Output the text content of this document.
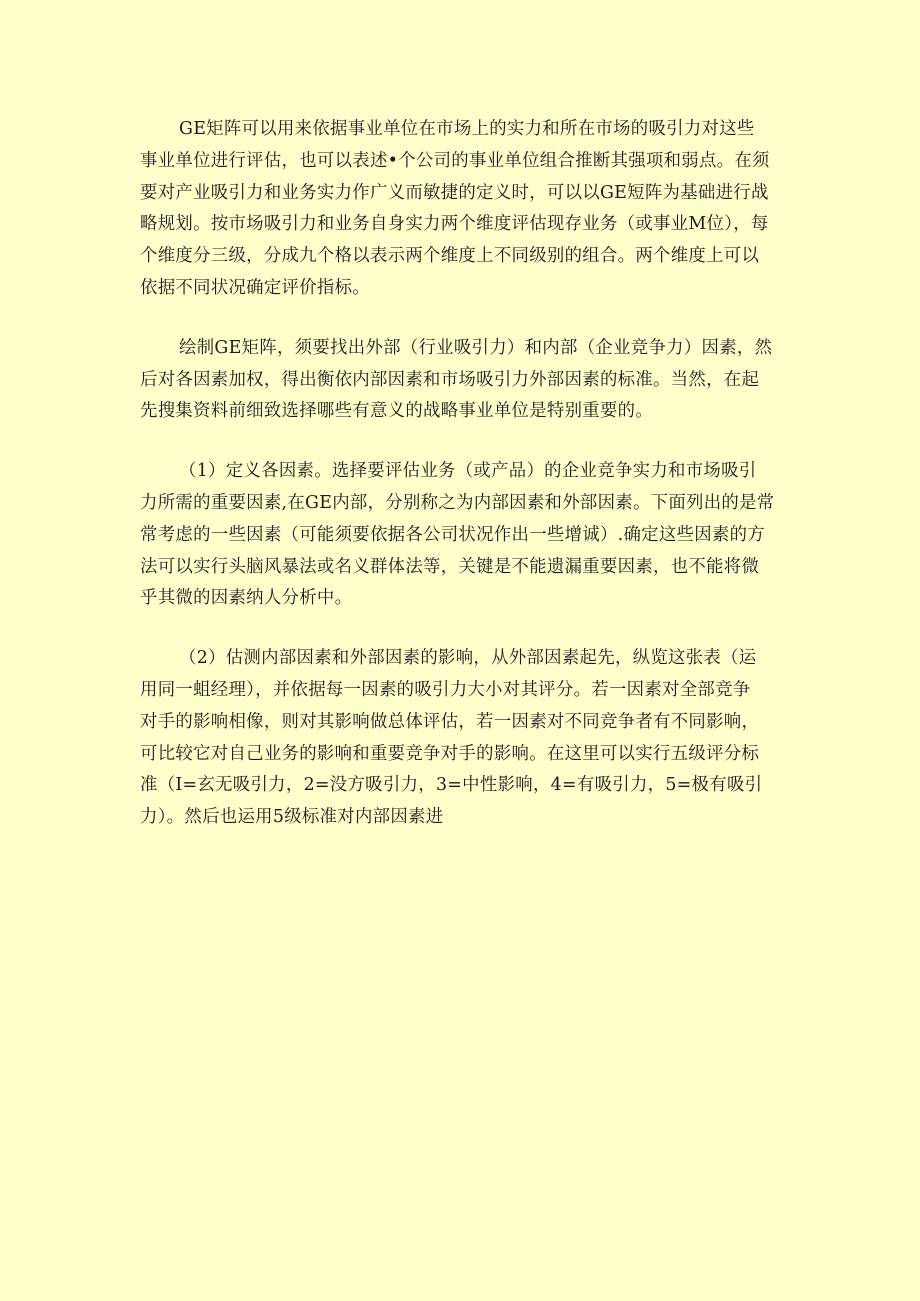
GE矩阵可以用来依据事业单位在市场上的实力和所在市场的吸引力对这些
事业单位进行评估，也可以表述•个公司的事业单位组合推断其强项和弱点。在须
要对产业吸引力和业务实力作广义而敏捷的定义时，可以以GE短阵为基础进行战
略规划。按市场吸引力和业务自身实力两个维度评估现存业务（或事业M位），每
个维度分三级，分成九个格以表示两个维度上不同级别的组合。两个维度上可以
依据不同状况确定评价指标。
绘制GE矩阵，须要找出外部（行业吸引力）和内部（企业竞争力）因素，然
后对各因素加权，得出衡依内部因素和市场吸引力外部因素的标准。当然，在起
先搜集资料前细致选择哪些有意义的战略事业单位是特别重要的。
（1）定义各因素。选择要评估业务（或产品）的企业竞争实力和市场吸引
力所需的重要因素,在GE内部，分别称之为内部因素和外部因素。下面列出的是常
常考虑的一些因素（可能须要依据各公司状况作出一些增诚）.确定这些因素的方
法可以实行头脑风暴法或名义群体法等，关键是不能遗漏重要因素，也不能将微
乎其微的因素纳人分析中。
（2）估测内部因素和外部因素的影响，从外部因素起先，纵览这张表（运
用同一蛆经理），并依据每一因素的吸引力大小对其评分。若一因素对全部竞争
对手的影响相像，则对其影响做总体评估，若一因素对不同竞争者有不同影响，
可比较它对自己业务的影响和重要竞争对手的影响。在这里可以实行五级评分标
准（I=玄无吸引力，2=没方吸引力，3=中性影响，4=有吸引力，5=极有吸引
力）。然后也运用5级标准对内部因素进
